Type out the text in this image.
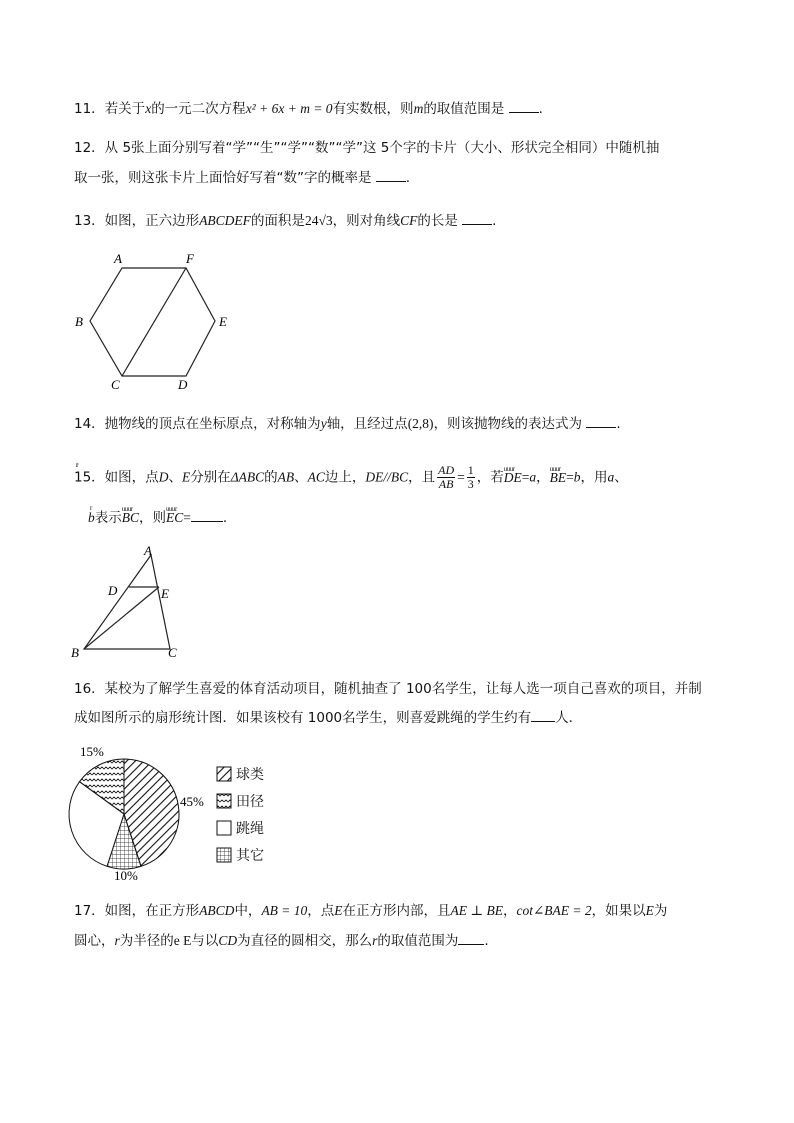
11．若关于x的一元二次方程x² + 6x + m = 0有实数根，则m的取值范围是	.
12．从 5张上面分别写着“学”“生”“学”“数”“学”这 5个字的卡片（大小、形状完全相同）中随机抽
取一张，则这张卡片上面恰好写着“数”字的概率是	.
13．如图，正六边形ABCDEF的面积是24√3，则对角线CF的长是	.
A	F
B	E
C	D
14．抛物线的顶点在坐标原点，对称轴为y轴，且经过点(2,8)，则该抛物线的表达式为	.
15．如图，点D、E分别在ΔABC的AB、AC边上，DE//BC，且 $\frac{AD}{AB} = \frac{1}{3}$ ，若uuur DE=r a，uuur BE=r b，用r a、
r b表示uuur BC，则uuur EC= .
A
D	E
B	C
16．某校为了解学生喜爱的体育活动项目，随机抽查了 100名学生，让每人选一项自己喜欢的项目，并制
成如图所示的扇形统计图．如果该校有 1000名学生，则喜爱跳绳的学生约有 人．
15%
45%
10%
球类
田径
跳绳
其它
17．如图，在正方形ABCD中，AB = 10，点E在正方形内部，且AE ⊥ BE，cot∠BAE = 2，如果以E为
圆心，r为半径的e E与以CD为直径的圆相交，那么r的取值范围为 .
